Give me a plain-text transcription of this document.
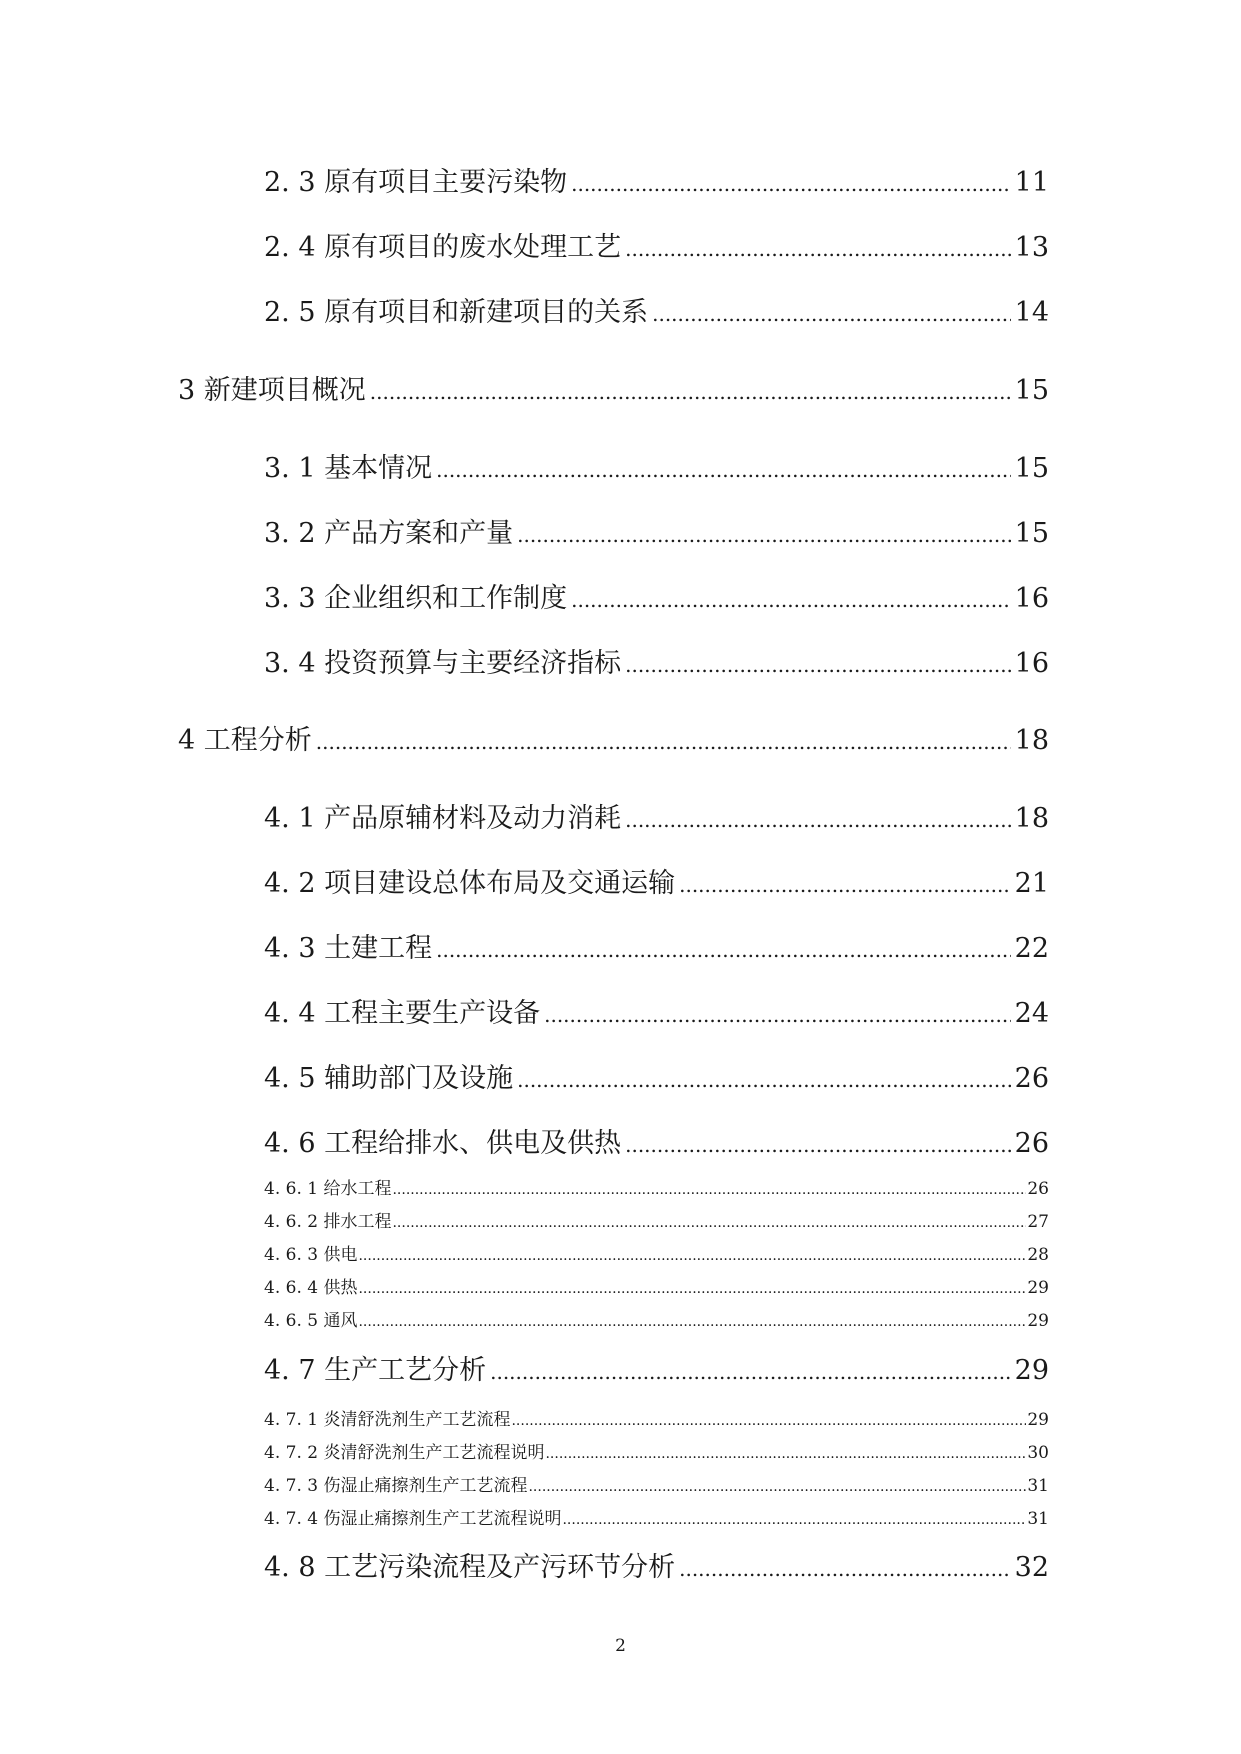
2. 3 原有项目主要污染物 .....	11
2. 4 原有项目的废水处理工艺 .....	13
2. 5 原有项目和新建项目的关系 .....	14
3 新建项目概况 .....	15
3. 1 基本情况 .....	15
3. 2 产品方案和产量 .....	15
3. 3 企业组织和工作制度 .....	16
3. 4 投资预算与主要经济指标 .....	16
4 工程分析 .....	18
4. 1 产品原辅材料及动力消耗 .....	18
4. 2 项目建设总体布局及交通运输 .....	21
4. 3 土建工程 .....	22
4. 4 工程主要生产设备 .....	24
4. 5 辅助部门及设施 .....	26
4. 6 工程给排水、供电及供热 .....	26
4. 6. 1 给水工程 .....	26
4. 6. 2 排水工程 .....	27
4. 6. 3 供电 .....	28
4. 6. 4 供热 .....	29
4. 6. 5 通风 .....	29
4. 7 生产工艺分析 .....	29
4. 7. 1 炎清舒洗剂生产工艺流程 .....	29
4. 7. 2 炎清舒洗剂生产工艺流程说明 .....	30
4. 7. 3 伤湿止痛擦剂生产工艺流程 .....	31
4. 7. 4 伤湿止痛擦剂生产工艺流程说明 .....	31
4. 8 工艺污染流程及产污环节分析 .....	32
2
